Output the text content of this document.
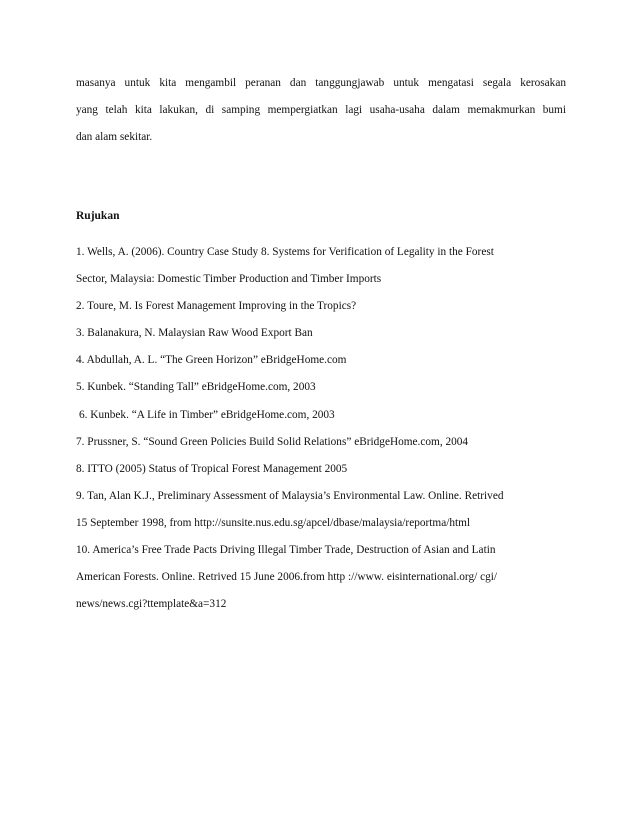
masanya untuk kita mengambil peranan dan tanggungjawab untuk mengatasi segala kerosakan
yang telah kita lakukan, di samping mempergiatkan lagi usaha-usaha dalam memakmurkan bumi
dan alam sekitar.
Rujukan
1. Wells, A. (2006). Country Case Study 8. Systems for Verification of Legality in the Forest
Sector, Malaysia: Domestic Timber Production and Timber Imports
2. Toure, M. Is Forest Management Improving in the Tropics?
3. Balanakura, N. Malaysian Raw Wood Export Ban
4. Abdullah, A. L. “The Green Horizon” eBridgeHome.com
5. Kunbek. “Standing Tall” eBridgeHome.com, 2003
6. Kunbek. “A Life in Timber” eBridgeHome.com, 2003
7. Prussner, S. “Sound Green Policies Build Solid Relations” eBridgeHome.com, 2004
8. ITTO (2005) Status of Tropical Forest Management 2005
9. Tan, Alan K.J., Preliminary Assessment of Malaysia’s Environmental Law. Online. Retrived
15 September 1998, from http://sunsite.nus.edu.sg/apcel/dbase/malaysia/reportma/html
10. America’s Free Trade Pacts Driving Illegal Timber Trade, Destruction of Asian and Latin
American Forests. Online. Retrived 15 June 2006.from http ://www. eisinternational.org/ cgi/
news/news.cgi?ttemplate&a=312
